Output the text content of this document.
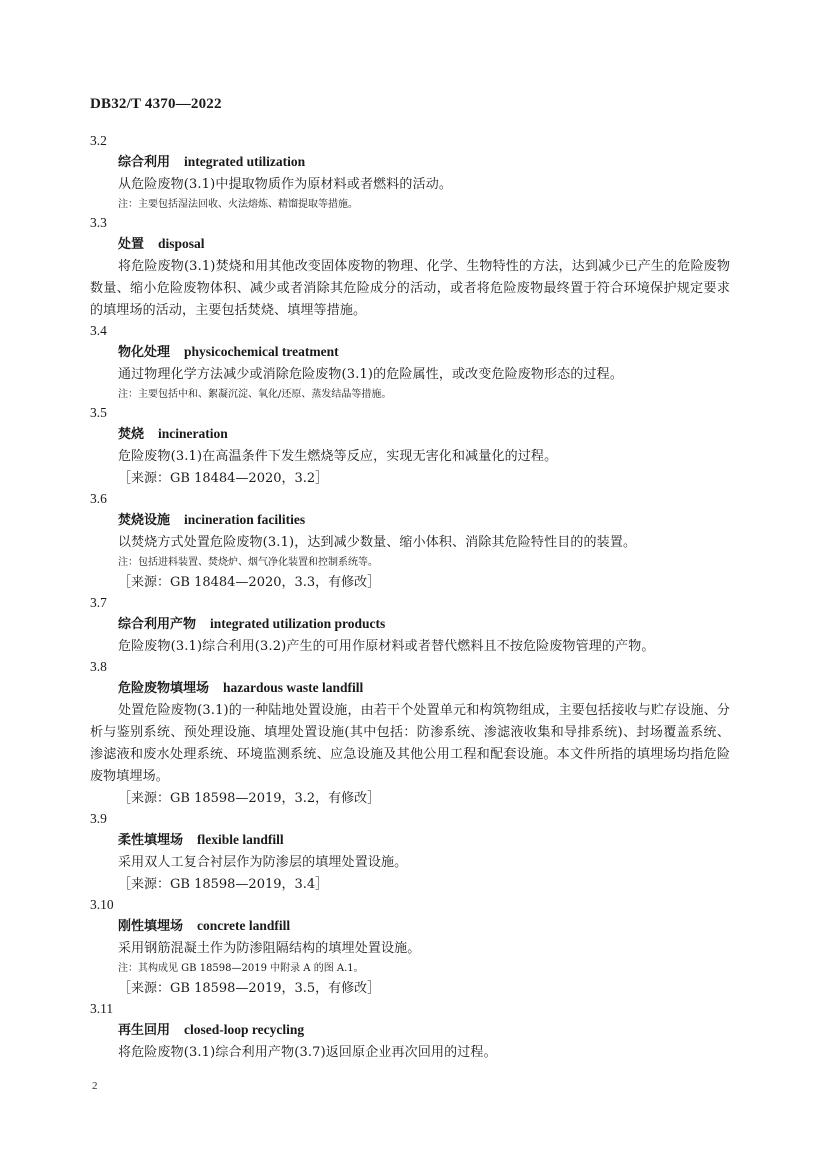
DB32/T 4370—2022
3.2
综合利用 integrated utilization
从危险废物(3.1)中提取物质作为原材料或者燃料的活动。
注：主要包括湿法回收、火法熔炼、精馏提取等措施。
3.3
处置 disposal
将危险废物(3.1)焚烧和用其他改变固体废物的物理、化学、生物特性的方法，达到减少已产生的危险废物数量、缩小危险废物体积、减少或者消除其危险成分的活动，或者将危险废物最终置于符合环境保护规定要求的填埋场的活动，主要包括焚烧、填埋等措施。
3.4
物化处理 physicochemical treatment
通过物理化学方法减少或消除危险废物(3.1)的危险属性，或改变危险废物形态的过程。
注：主要包括中和、絮凝沉淀、氧化/还原、蒸发结晶等措施。
3.5
焚烧 incineration
危险废物(3.1)在高温条件下发生燃烧等反应，实现无害化和减量化的过程。
［来源：GB 18484—2020，3.2］
3.6
焚烧设施 incineration facilities
以焚烧方式处置危险废物(3.1)，达到减少数量、缩小体积、消除其危险特性目的的装置。
注：包括进料装置、焚烧炉、烟气净化装置和控制系统等。
［来源：GB 18484—2020，3.3，有修改］
3.7
综合利用产物 integrated utilization products
危险废物(3.1)综合利用(3.2)产生的可用作原材料或者替代燃料且不按危险废物管理的产物。
3.8
危险废物填埋场 hazardous waste landfill
处置危险废物(3.1)的一种陆地处置设施，由若干个处置单元和构筑物组成，主要包括接收与贮存设施、分析与鉴别系统、预处理设施、填埋处置设施(其中包括：防渗系统、渗滤液收集和导排系统)、封场覆盖系统、渗滤液和废水处理系统、环境监测系统、应急设施及其他公用工程和配套设施。本文件所指的填埋场均指危险废物填埋场。
［来源：GB 18598—2019，3.2，有修改］
3.9
柔性填埋场 flexible landfill
采用双人工复合衬层作为防渗层的填埋处置设施。
［来源：GB 18598—2019，3.4］
3.10
刚性填埋场 concrete landfill
采用钢筋混凝土作为防渗阻隔结构的填埋处置设施。
注：其构成见 GB 18598—2019 中附录 A 的图 A.1。
［来源：GB 18598—2019，3.5，有修改］
3.11
再生回用 closed-loop recycling
将危险废物(3.1)综合利用产物(3.7)返回原企业再次回用的过程。
2
